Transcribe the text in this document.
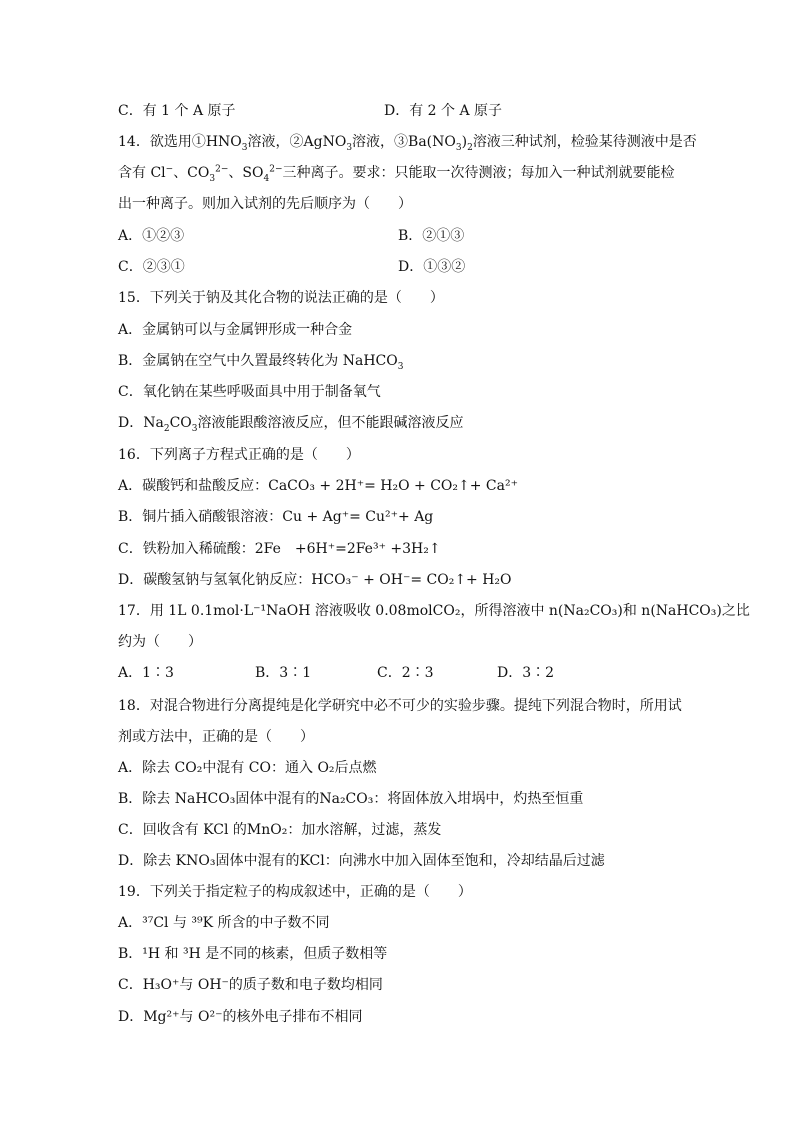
C．有 1 个 A 原子	D．有 2 个 A 原子
14．欲选用$①HNO_3$溶液，②AgNO$_3$溶液，$③Ba(NO_3)_2$溶液三种试剂，检验某待测液中是否
含有 Cl−、$CO_3^{2-}$、$SO_4^{2-}$三种离子。要求：只能取一次待测液；每加入一种试剂就要能检
出一种离子。则加入试剂的先后顺序为（　　）
A．①②③	B．②①③
C．②③①	D．①③②
15．下列关于钠及其化合物的说法正确的是（　　）
A．金属钠可以与金属钾形成一种合金
B．金属钠在空气中久置最终转化为 NaHCO$_3$
C．氧化钠在某些呼吸面具中用于制备氧气
D．$Na_2CO_3$溶液能跟酸溶液反应，但不能跟碱溶液反应
16．下列离子方程式正确的是（　　）
A．碳酸钙和盐酸反应：CaCO₃ + 2H⁺= H₂O + CO₂↑+ Ca²⁺
B．铜片插入硝酸银溶液：Cu + Ag⁺= Cu²⁺+ Ag
C．铁粉加入稀硫酸：2Fe　+6H⁺=2Fe³⁺ +3H₂↑
D．碳酸氢钠与氢氧化钠反应：HCO₃⁻ + OH⁻= CO₂↑+ H₂O
17．用 1L 0.1mol·L⁻¹NaOH 溶液吸收 0.08molCO₂，所得溶液中 n(Na₂CO₃)和 n(NaHCO₃)之比
约为（　　）
A．1∶3	B．3∶1	C．2∶3	D．3∶2
18．对混合物进行分离提纯是化学研究中必不可少的实验步骤。提纯下列混合物时，所用试
剂或方法中，正确的是（　　）
A．除去 CO₂中混有 CO：通入 O₂后点燃
B．除去 NaHCO₃固体中混有的Na₂CO₃：将固体放入坩埚中，灼热至恒重
C．回收含有 KCl 的MnO₂：加水溶解，过滤，蒸发
D．除去 KNO₃固体中混有的KCl：向沸水中加入固体至饱和，冷却结晶后过滤
19．下列关于指定粒子的构成叙述中，正确的是（　　）
A．³⁷Cl 与 ³⁹K 所含的中子数不同
B．¹H 和 ³H 是不同的核素，但质子数相等
C．H₃O⁺与 OH⁻的质子数和电子数均相同
D．Mg²⁺与 O²⁻的核外电子排布不相同
